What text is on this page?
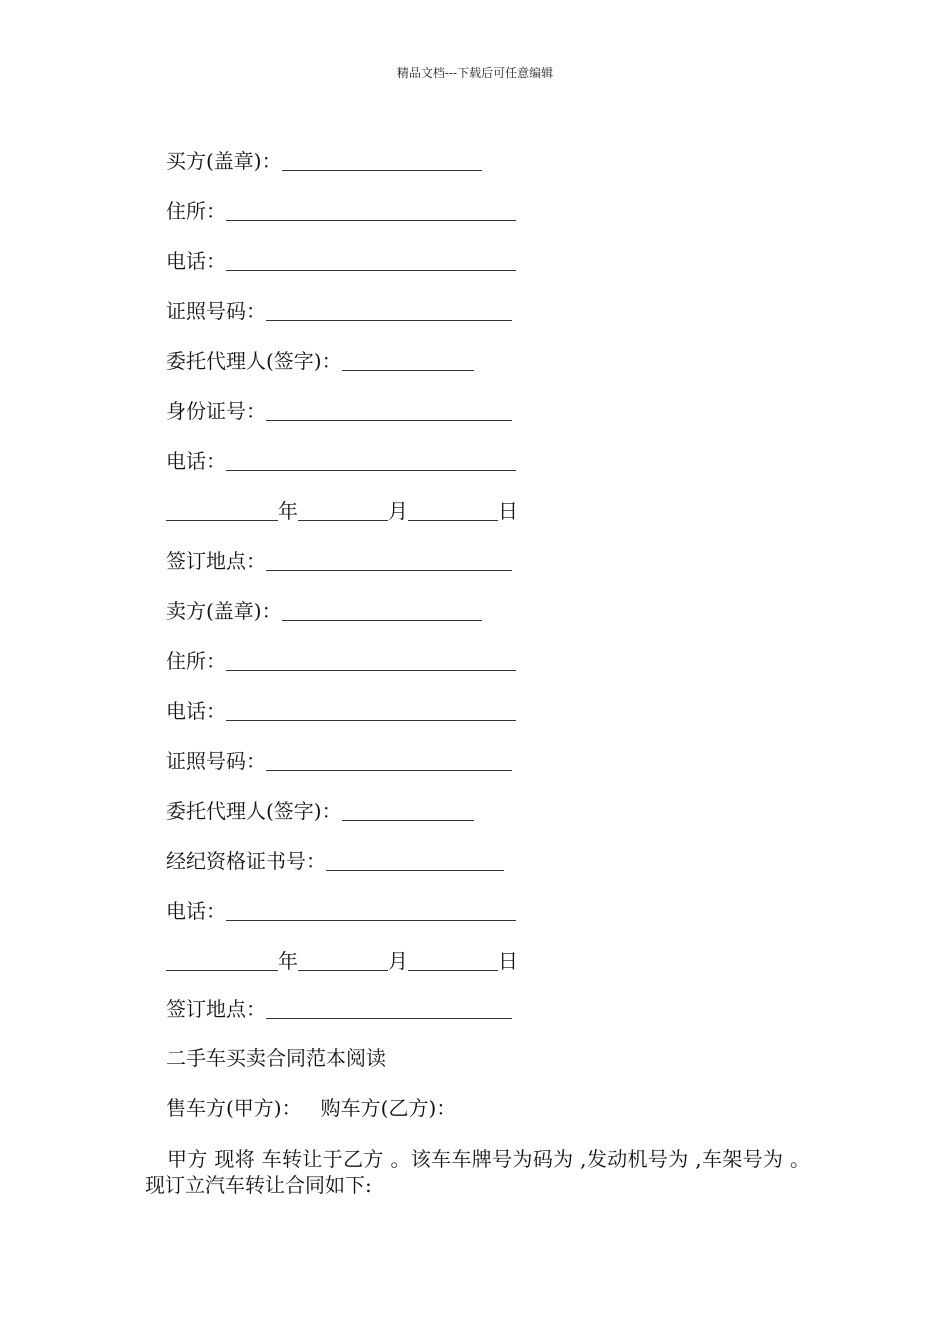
精品文档---下载后可任意编辑
买方(盖章)：
住所：
电话：
证照号码：
委托代理人(签字)：
身份证号：
电话：
年	月	日
签订地点：
卖方(盖章)：
住所：
电话：
证照号码：
委托代理人(签字)：
经纪资格证书号：
电话：
年	月	日
签订地点：
二手车买卖合同范本阅读
售车方(甲方)：   购车方(乙方)：
甲方 现将 车转让于乙方 。该车车牌号为码为 ,发动机号为 ,车架号为 。现订立汽车转让合同如下:
